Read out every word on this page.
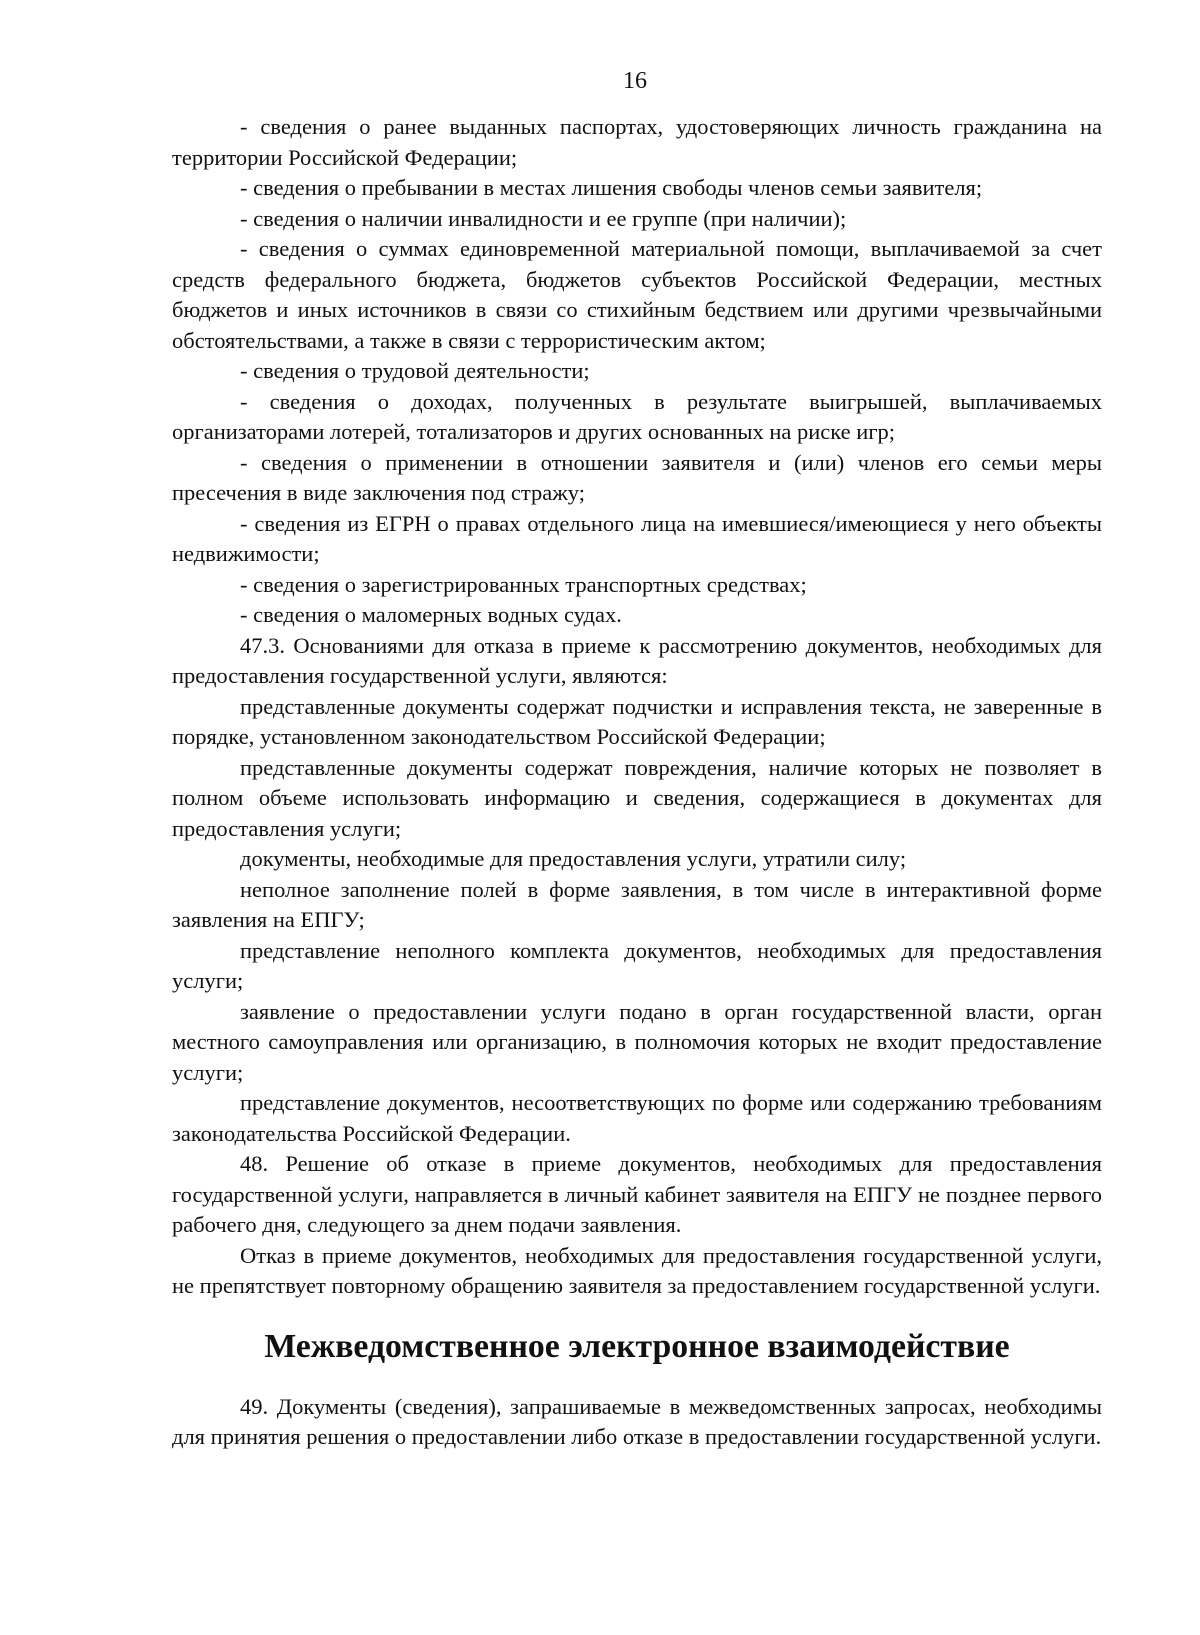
16

- сведения о ранее выданных паспортах, удостоверяющих личность гражданина на территории Российской Федерации;

- сведения о пребывании в местах лишения свободы членов семьи заявителя;

- сведения о наличии инвалидности и ее группе (при наличии);

- сведения о суммах единовременной материальной помощи, выплачиваемой за счет средств федерального бюджета, бюджетов субъектов Российской Федерации, местных бюджетов и иных источников в связи со стихийным бедствием или другими чрезвычайными обстоятельствами, а также в связи с террористическим актом;

- сведения о трудовой деятельности;

- сведения о доходах, полученных в результате выигрышей, выплачиваемых организаторами лотерей, тотализаторов и других основанных на риске игр;

- сведения о применении в отношении заявителя и (или) членов его семьи меры пресечения в виде заключения под стражу;

- сведения из ЕГРН о правах отдельного лица на имевшиеся/имеющиеся у него объекты недвижимости;

- сведения о зарегистрированных транспортных средствах;

- сведения о маломерных водных судах.

47.3. Основаниями для отказа в приеме к рассмотрению документов, необходимых для предоставления государственной услуги, являются:

представленные документы содержат подчистки и исправления текста, не заверенные в порядке, установленном законодательством Российской Федерации;

представленные документы содержат повреждения, наличие которых не позволяет в полном объеме использовать информацию и сведения, содержащиеся в документах для предоставления услуги;

документы, необходимые для предоставления услуги, утратили силу;

неполное заполнение полей в форме заявления, в том числе в интерактивной форме заявления на ЕПГУ;

представление неполного комплекта документов, необходимых для предоставления услуги;

заявление о предоставлении услуги подано в орган государственной власти, орган местного самоуправления или организацию, в полномочия которых не входит предоставление услуги;

представление документов, несоответствующих по форме или содержанию требованиям законодательства Российской Федерации.

48. Решение об отказе в приеме документов, необходимых для предоставления государственной услуги, направляется в личный кабинет заявителя на ЕПГУ не позднее первого рабочего дня, следующего за днем подачи заявления.

Отказ в приеме документов, необходимых для предоставления государственной услуги, не препятствует повторному обращению заявителя за предоставлением государственной услуги.

Межведомственное электронное взаимодействие

49. Документы (сведения), запрашиваемые в межведомственных запросах, необходимы для принятия решения о предоставлении либо отказе в предоставлении государственной услуги.
